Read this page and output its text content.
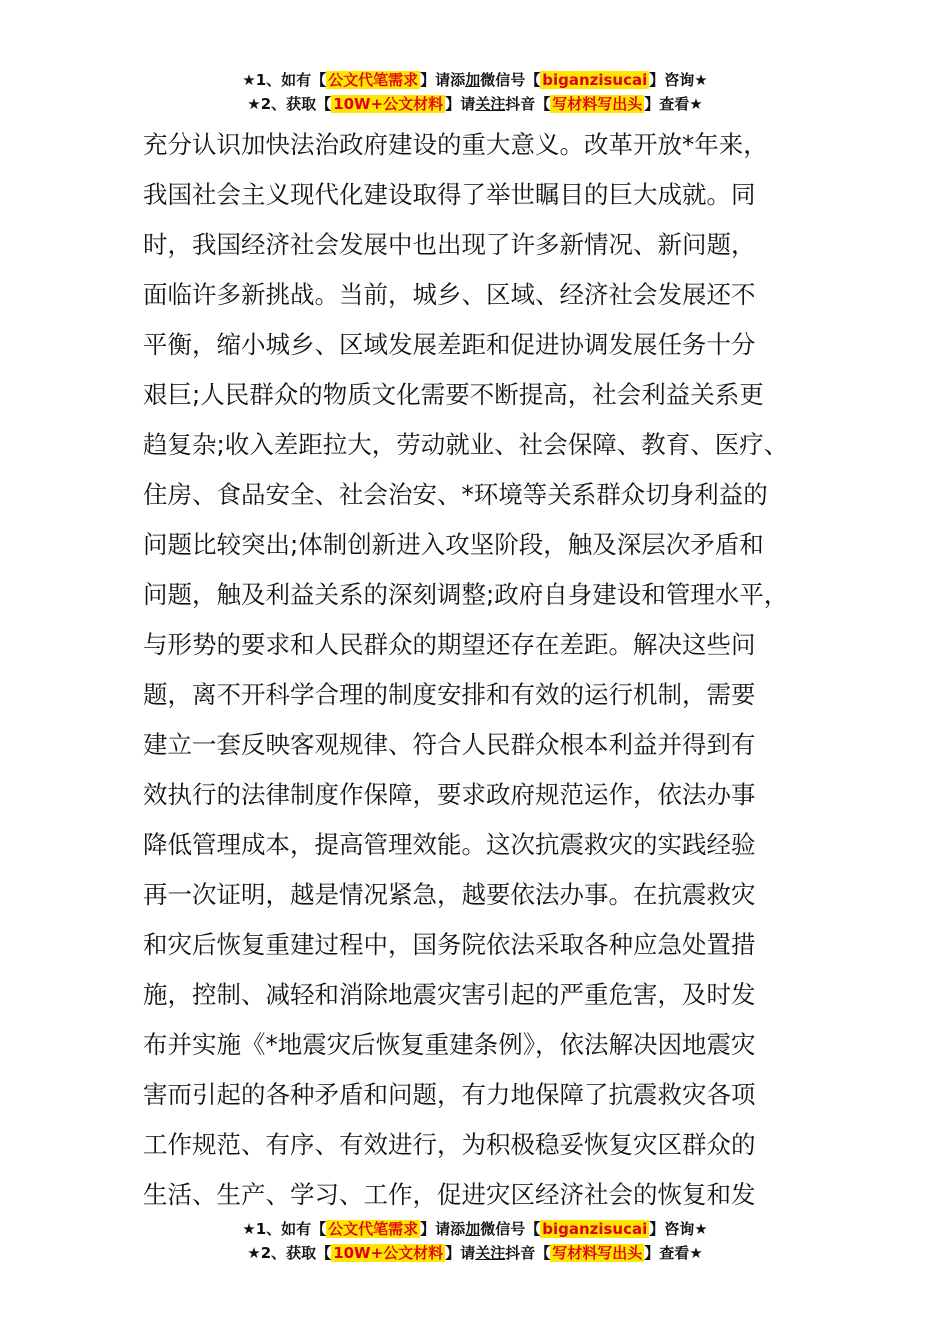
★1、如有【 公文代笔需求 】请添加微信号【 biganzisucai 】咨询★
★2、获取【 10W+公文材料 】请关注抖音【 写材料写出头 】查看★
充分认识加快法治政府建设的重大意义。改革开放*年来，
我国社会主义现代化建设取得了举世瞩目的巨大成就。同
时，我国经济社会发展中也出现了许多新情况、新问题，
面临许多新挑战。当前，城乡、区域、经济社会发展还不
平衡，缩小城乡、区域发展差距和促进协调发展任务十分
艰巨;人民群众的物质文化需要不断提高，社会利益关系更
趋复杂;收入差距拉大，劳动就业、社会保障、教育、医疗、
住房、食品安全、社会治安、*环境等关系群众切身利益的
问题比较突出;体制创新进入攻坚阶段，触及深层次矛盾和
问题，触及利益关系的深刻调整;政府自身建设和管理水平，
与形势的要求和人民群众的期望还存在差距。解决这些问
题，离不开科学合理的制度安排和有效的运行机制，需要
建立一套反映客观规律、符合人民群众根本利益并得到有
效执行的法律制度作保障，要求政府规范运作，依法办事
降低管理成本，提高管理效能。这次抗震救灾的实践经验
再一次证明，越是情况紧急，越要依法办事。在抗震救灾
和灾后恢复重建过程中，国务院依法采取各种应急处置措
施，控制、减轻和消除地震灾害引起的严重危害，及时发
布并实施《*地震灾后恢复重建条例》，依法解决因地震灾
害而引起的各种矛盾和问题，有力地保障了抗震救灾各项
工作规范、有序、有效进行，为积极稳妥恢复灾区群众的
生活、生产、学习、工作，促进灾区经济社会的恢复和发
★1、如有【 公文代笔需求 】请添加微信号【 biganzisucai 】咨询★
★2、获取【 10W+公文材料 】请关注抖音【 写材料写出头 】查看★
